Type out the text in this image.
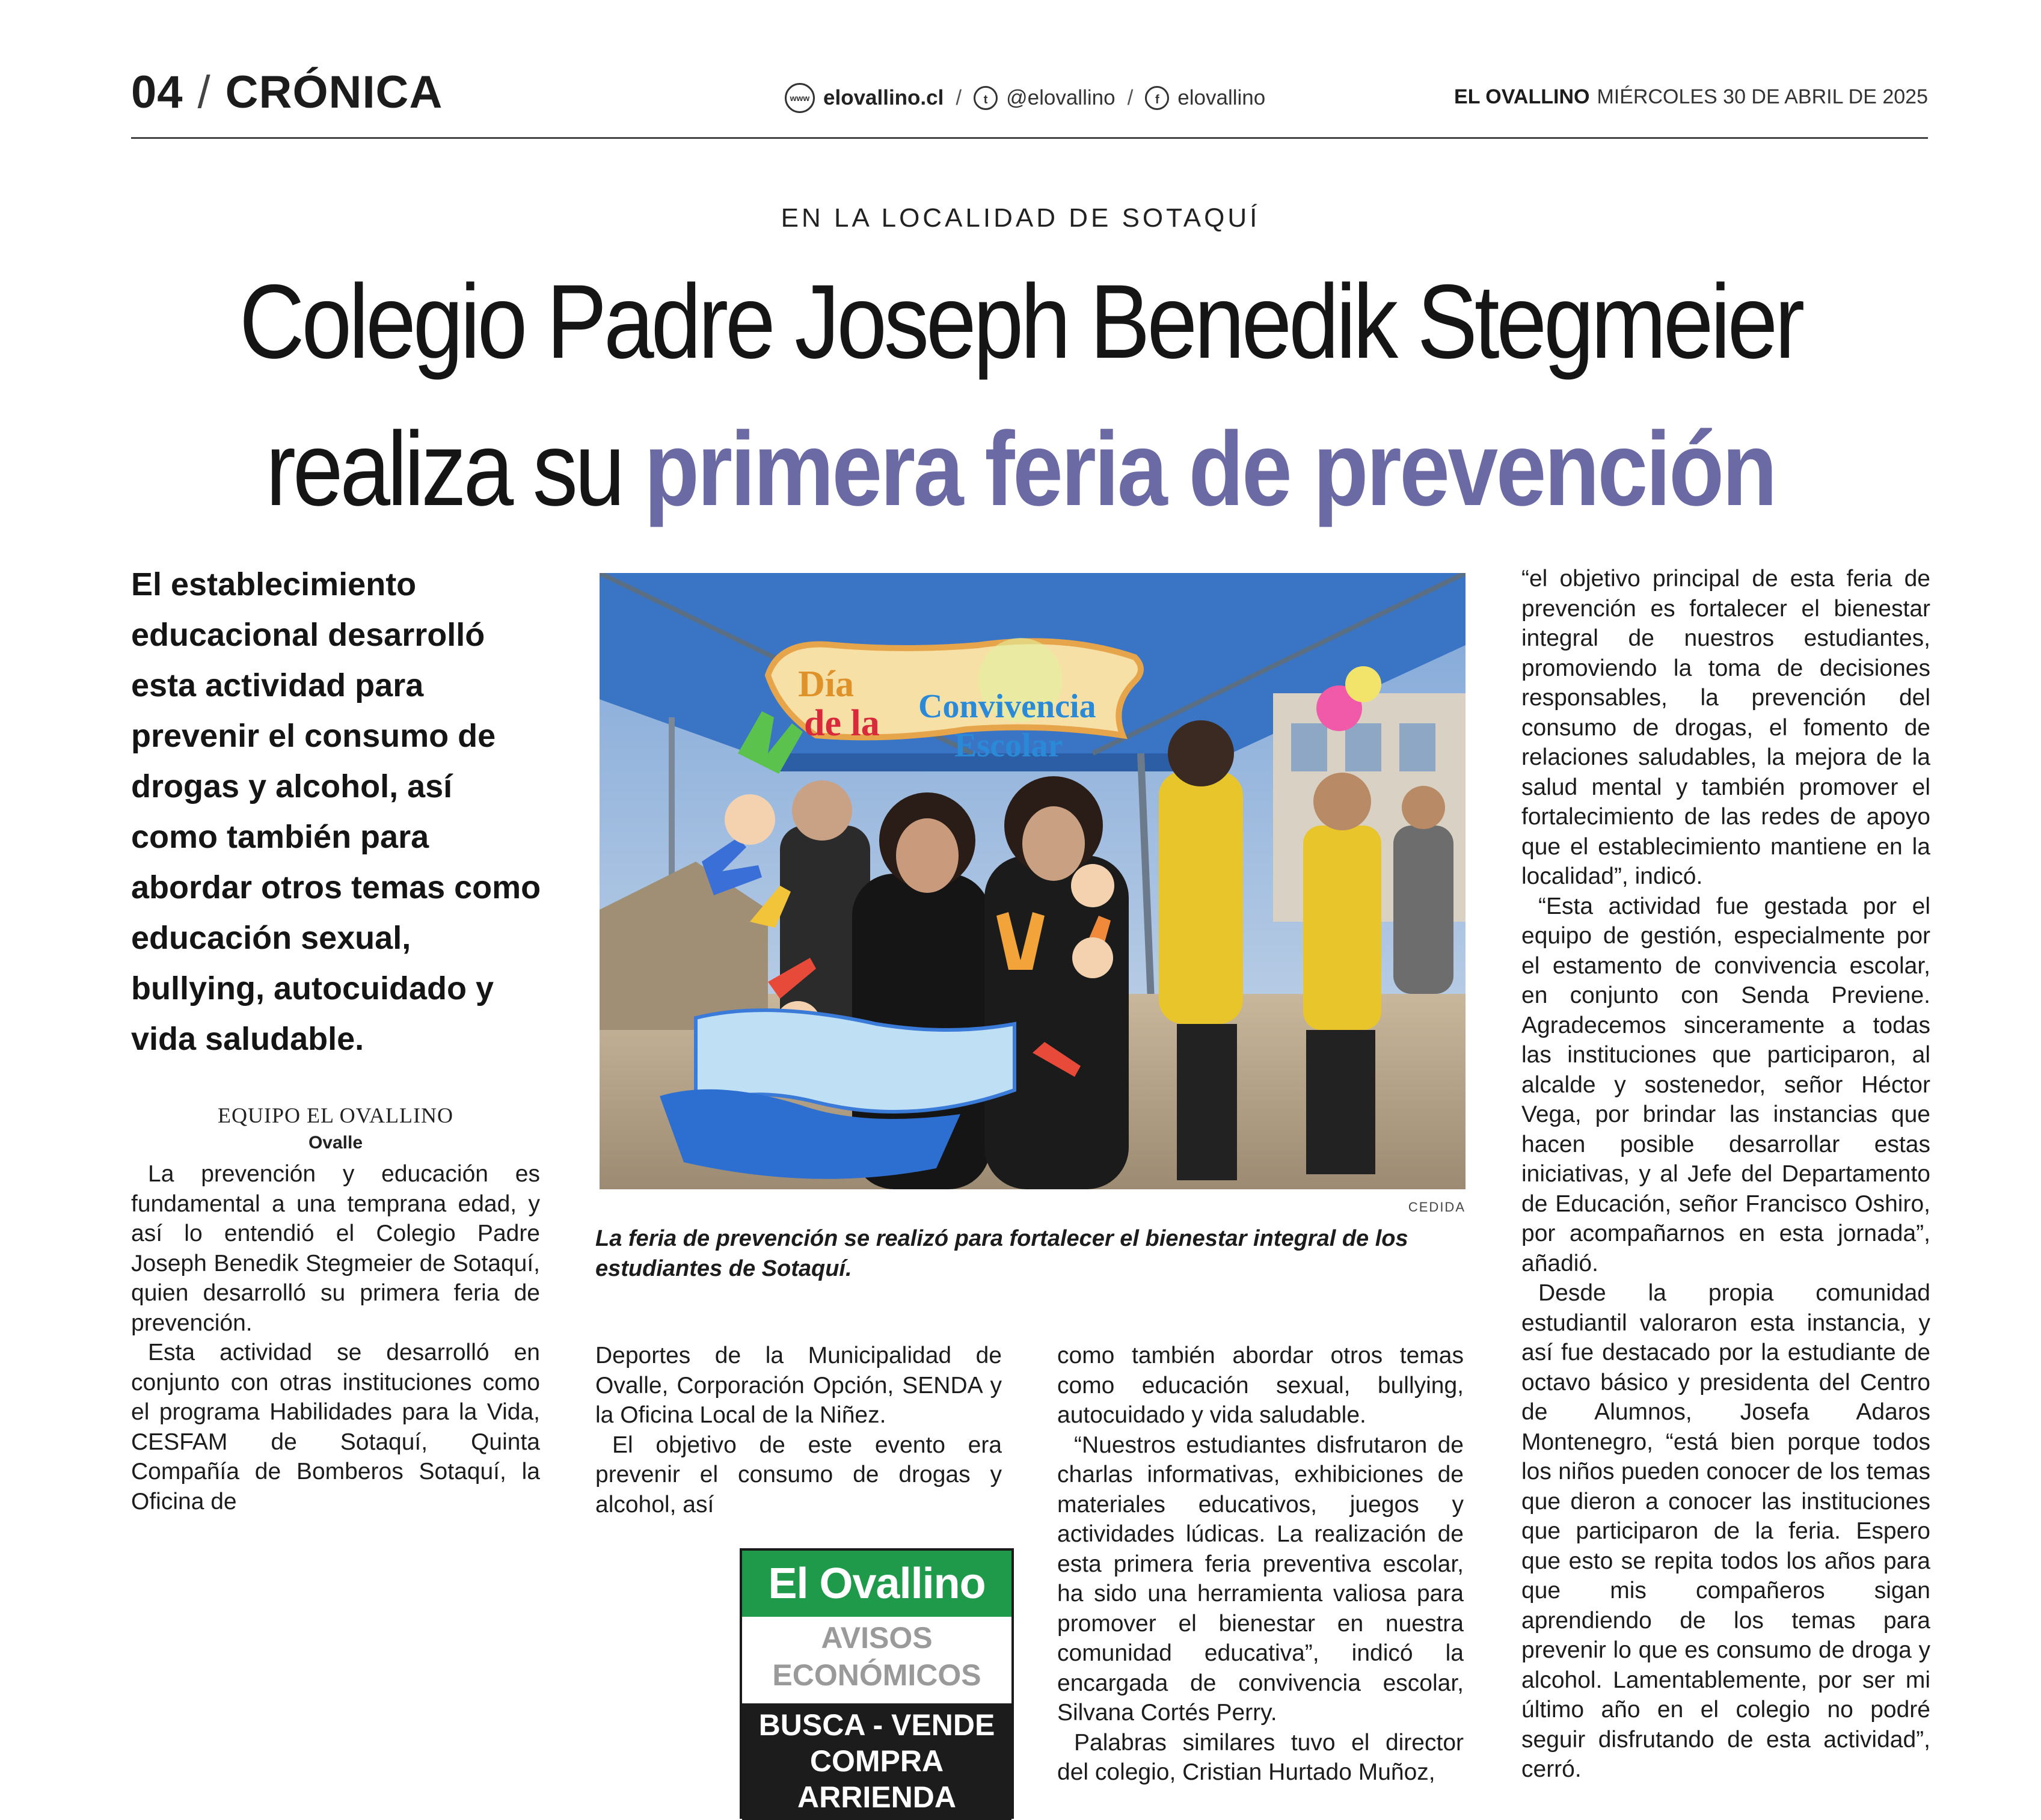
04 / CRÓNICA	www elovallino.cl /	t @elovallino /	f elovallino	EL OVALLINO MIÉRCOLES 30 DE ABRIL DE 2025
EN LA LOCALIDAD DE SOTAQUÍ
Colegio Padre Joseph Benedik Stegmeier
realiza su primera feria de prevención
El establecimiento educacional desarrolló esta actividad para prevenir el consumo de drogas y alcohol, así como también para abordar otros temas como educación sexual, bullying, autocuidado y vida saludable.
EQUIPO EL OVALLINO
Ovalle

La prevención y educación es fundamental a una temprana edad, y así lo entendió el Colegio Padre Joseph Benedik Stegmeier de Sotaquí, quien desarrolló su primera feria de prevención.

Esta actividad se desarrolló en conjunto con otras instituciones como el programa Habilidades para la Vida, CESFAM de Sotaquí, Quinta Compañía de Bomberos Sotaquí, la Oficina de

Deportes de la Municipalidad de Ovalle, Corporación Opción, SENDA y la Oficina Local de la Niñez.

El objetivo de este evento era prevenir el consumo de drogas y alcohol, así

como también abordar otros temas como educación sexual, bullying, autocuidado y vida saludable.

“Nuestros estudiantes disfrutaron de charlas informativas, exhibiciones de materiales educativos, juegos y actividades lúdicas. La realización de esta primera feria preventiva escolar, ha sido una herramienta valiosa para promover el bienestar en nuestra comunidad educativa”, indicó la encargada de convivencia escolar, Silvana Cortés Perry.

Palabras similares tuvo el director del colegio, Cristian Hurtado Muñoz,

“el objetivo principal de esta feria de prevención es fortalecer el bienestar integral de nuestros estudiantes, promoviendo la toma de decisiones responsables, la prevención del consumo de drogas, el fomento de relaciones saludables, la mejora de la salud mental y también promover el fortalecimiento de las redes de apoyo que el establecimiento mantiene en la localidad”, indicó.

“Esta actividad fue gestada por el equipo de gestión, especialmente por el estamento de convivencia escolar, en conjunto con Senda Previene. Agradecemos sinceramente a todas las instituciones que participaron, al alcalde y sostenedor, señor Héctor Vega, por brindar las instancias que hacen posible desarrollar estas iniciativas, y al Jefe del Departamento de Educación, señor Francisco Oshiro, por acompañarnos en esta jornada”, añadió.

Desde la propia comunidad estudiantil valoraron esta instancia, y así fue destacado por la estudiante de octavo básico y presidenta del Centro de Alumnos, Josefa Adaros Montenegro, “está bien porque todos los niños pueden conocer de los temas que dieron a conocer las instituciones que participaron de la feria. Espero que esto se repita todos los años para que mis compañeros sigan aprendiendo de los temas para prevenir lo que es consumo de droga y alcohol. Lamentablemente, por ser mi último año en el colegio no podré seguir disfrutando de esta actividad”, cerró.

Día
de la Convivencia
Escolar
CEDIDA
La feria de prevención se realizó para fortalecer el bienestar integral de los estudiantes de Sotaquí.
El Ovallino
AVISOS
ECONÓMICOS
BUSCA - VENDE
COMPRA
ARRIENDA
